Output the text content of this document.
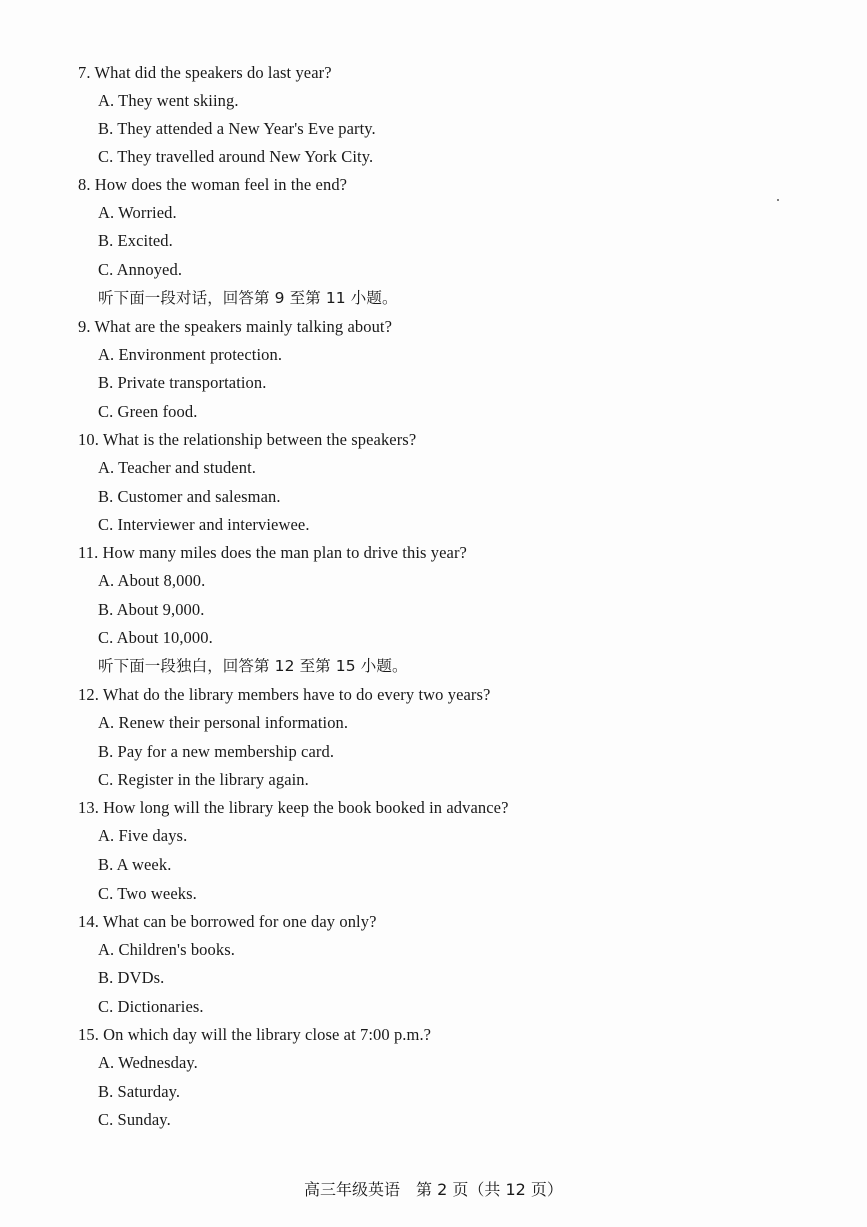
7. What did the speakers do last year?
A. They went skiing.
B. They attended a New Year's Eve party.
C. They travelled around New York City.
8. How does the woman feel in the end?
A. Worried.
B. Excited.
C. Annoyed.
听下面一段对话，回答第 9 至第 11 小题。
9. What are the speakers mainly talking about?
A. Environment protection.
B. Private transportation.
C. Green food.
10. What is the relationship between the speakers?
A. Teacher and student.
B. Customer and salesman.
C. Interviewer and interviewee.
11. How many miles does the man plan to drive this year?
A. About 8,000.
B. About 9,000.
C. About 10,000.
听下面一段独白，回答第 12 至第 15 小题。
12. What do the library members have to do every two years?
A. Renew their personal information.
B. Pay for a new membership card.
C. Register in the library again.
13. How long will the library keep the book booked in advance?
A. Five days.
B. A week.
C. Two weeks.
14. What can be borrowed for one day only?
A. Children's books.
B. DVDs.
C. Dictionaries.
15. On which day will the library close at 7:00 p.m.?
A. Wednesday.
B. Saturday.
C. Sunday.
高三年级英语　第 2 页（共 12 页）
